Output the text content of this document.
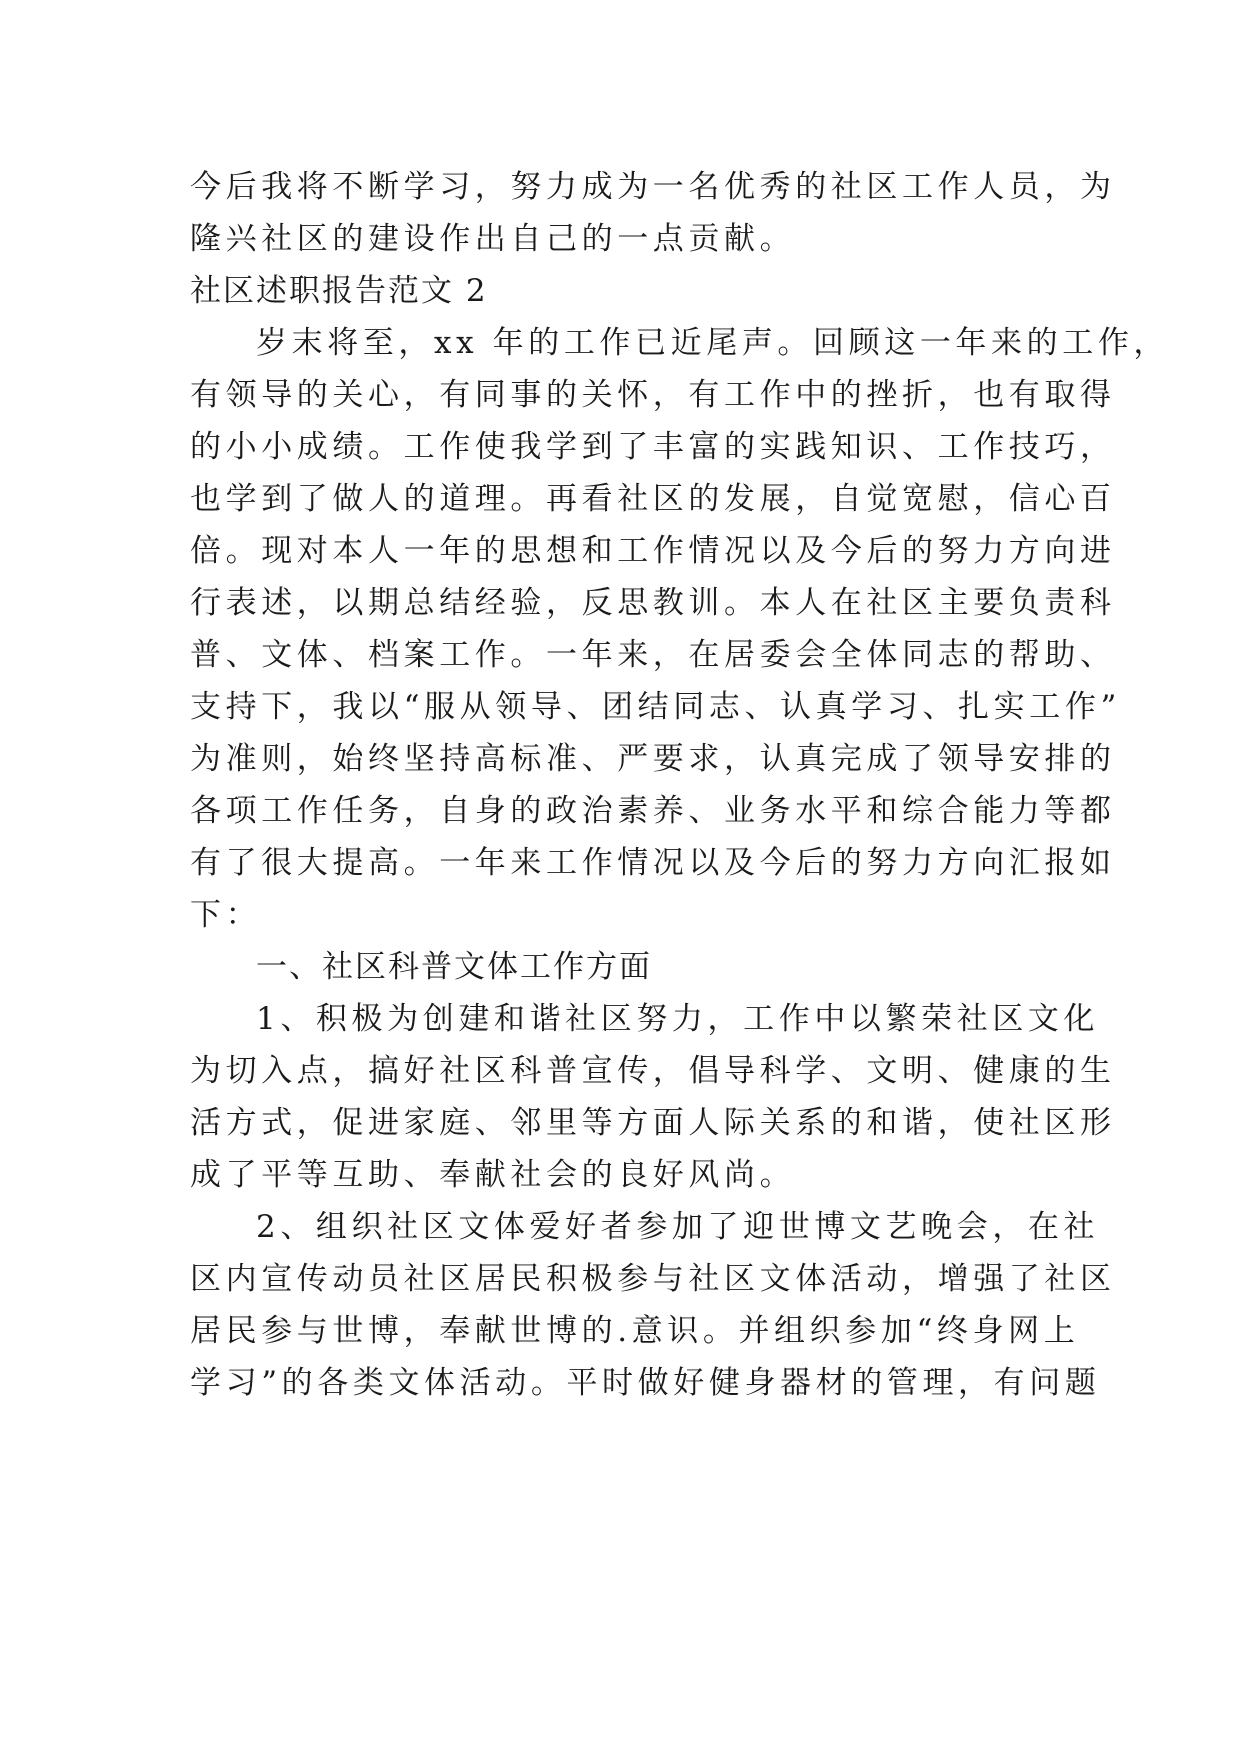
今后我将不断学习，努力成为一名优秀的社区工作人员，为
隆兴社区的建设作出自己的一点贡献。
社区述职报告范文 2
岁末将至，xx 年的工作已近尾声。回顾这一年来的工作，
有领导的关心，有同事的关怀，有工作中的挫折，也有取得
的小小成绩。工作使我学到了丰富的实践知识、工作技巧，
也学到了做人的道理。再看社区的发展，自觉宽慰，信心百
倍。现对本人一年的思想和工作情况以及今后的努力方向进
行表述，以期总结经验，反思教训。本人在社区主要负责科
普、文体、档案工作。一年来，在居委会全体同志的帮助、
支持下，我以“服从领导、团结同志、认真学习、扎实工作”
为准则，始终坚持高标准、严要求，认真完成了领导安排的
各项工作任务，自身的政治素养、业务水平和综合能力等都
有了很大提高。一年来工作情况以及今后的努力方向汇报如
下：
一、社区科普文体工作方面
1、积极为创建和谐社区努力，工作中以繁荣社区文化
为切入点，搞好社区科普宣传，倡导科学、文明、健康的生
活方式，促进家庭、邻里等方面人际关系的和谐，使社区形
成了平等互助、奉献社会的良好风尚。
2、组织社区文体爱好者参加了迎世博文艺晚会，在社
区内宣传动员社区居民积极参与社区文体活动，增强了社区
居民参与世博，奉献世博的.意识。并组织参加“终身网上
学习”的各类文体活动。平时做好健身器材的管理，有问题
